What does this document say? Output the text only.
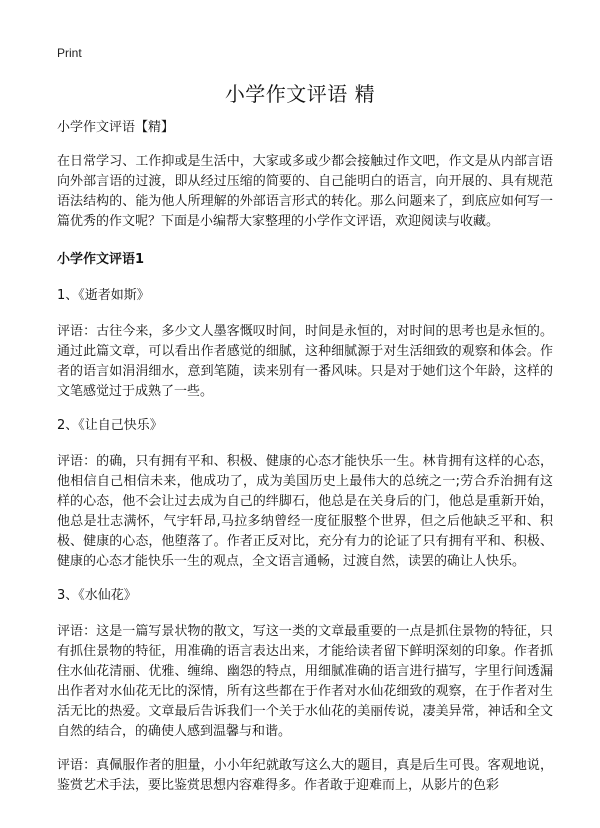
Print
小学作文评语 精

小学作文评语【精】

在日常学习、工作抑或是生活中，大家或多或少都会接触过作文吧，作文是从内部言语向外部言语的过渡，即从经过压缩的简要的、自己能明白的语言，向开展的、具有规范语法结构的、能为他人所理解的外部语言形式的转化。那么问题来了，到底应如何写一篇优秀的作文呢？下面是小编帮大家整理的小学作文评语，欢迎阅读与收藏。

小学作文评语1

1、《逝者如斯》

评语：古往今来，多少文人墨客慨叹时间，时间是永恒的，对时间的思考也是永恒的。通过此篇文章，可以看出作者感觉的细腻，这种细腻源于对生活细致的观察和体会。作者的语言如涓涓细水，意到笔随，读来别有一番风味。只是对于她们这个年龄，这样的文笔感觉过于成熟了一些。

2、《让自己快乐》

评语：的确，只有拥有平和、积极、健康的心态才能快乐一生。林肯拥有这样的心态，他相信自己相信未来，他成功了，成为美国历史上最伟大的总统之一;劳合乔治拥有这样的心态，他不会让过去成为自己的绊脚石，他总是在关身后的门，他总是重新开始，他总是壮志满怀，气宇轩昂,马拉多纳曾经一度征服整个世界，但之后他缺乏平和、积极、健康的心态，他堕落了。作者正反对比，充分有力的论证了只有拥有平和、积极、健康的心态才能快乐一生的观点，全文语言通畅，过渡自然，读罢的确让人快乐。

3、《水仙花》

评语：这是一篇写景状物的散文，写这一类的文章最重要的一点是抓住景物的特征，只有抓住景物的特征，用准确的语言表达出来，才能给读者留下鲜明深刻的印象。作者抓住水仙花清丽、优雅、缠绵、幽怨的特点，用细腻准确的语言进行描写，字里行间透漏出作者对水仙花无比的深情，所有这些都在于作者对水仙花细致的观察，在于作者对生活无比的热爱。文章最后告诉我们一个关于水仙花的美丽传说，凄美异常，神话和全文自然的结合，的确使人感到温馨与和谐。

评语：真佩服作者的胆量，小小年纪就敢写这么大的题目，真是后生可畏。客观地说，鉴赏艺术手法，要比鉴赏思想内容难得多。作者敢于迎难而上，从影片的色彩
